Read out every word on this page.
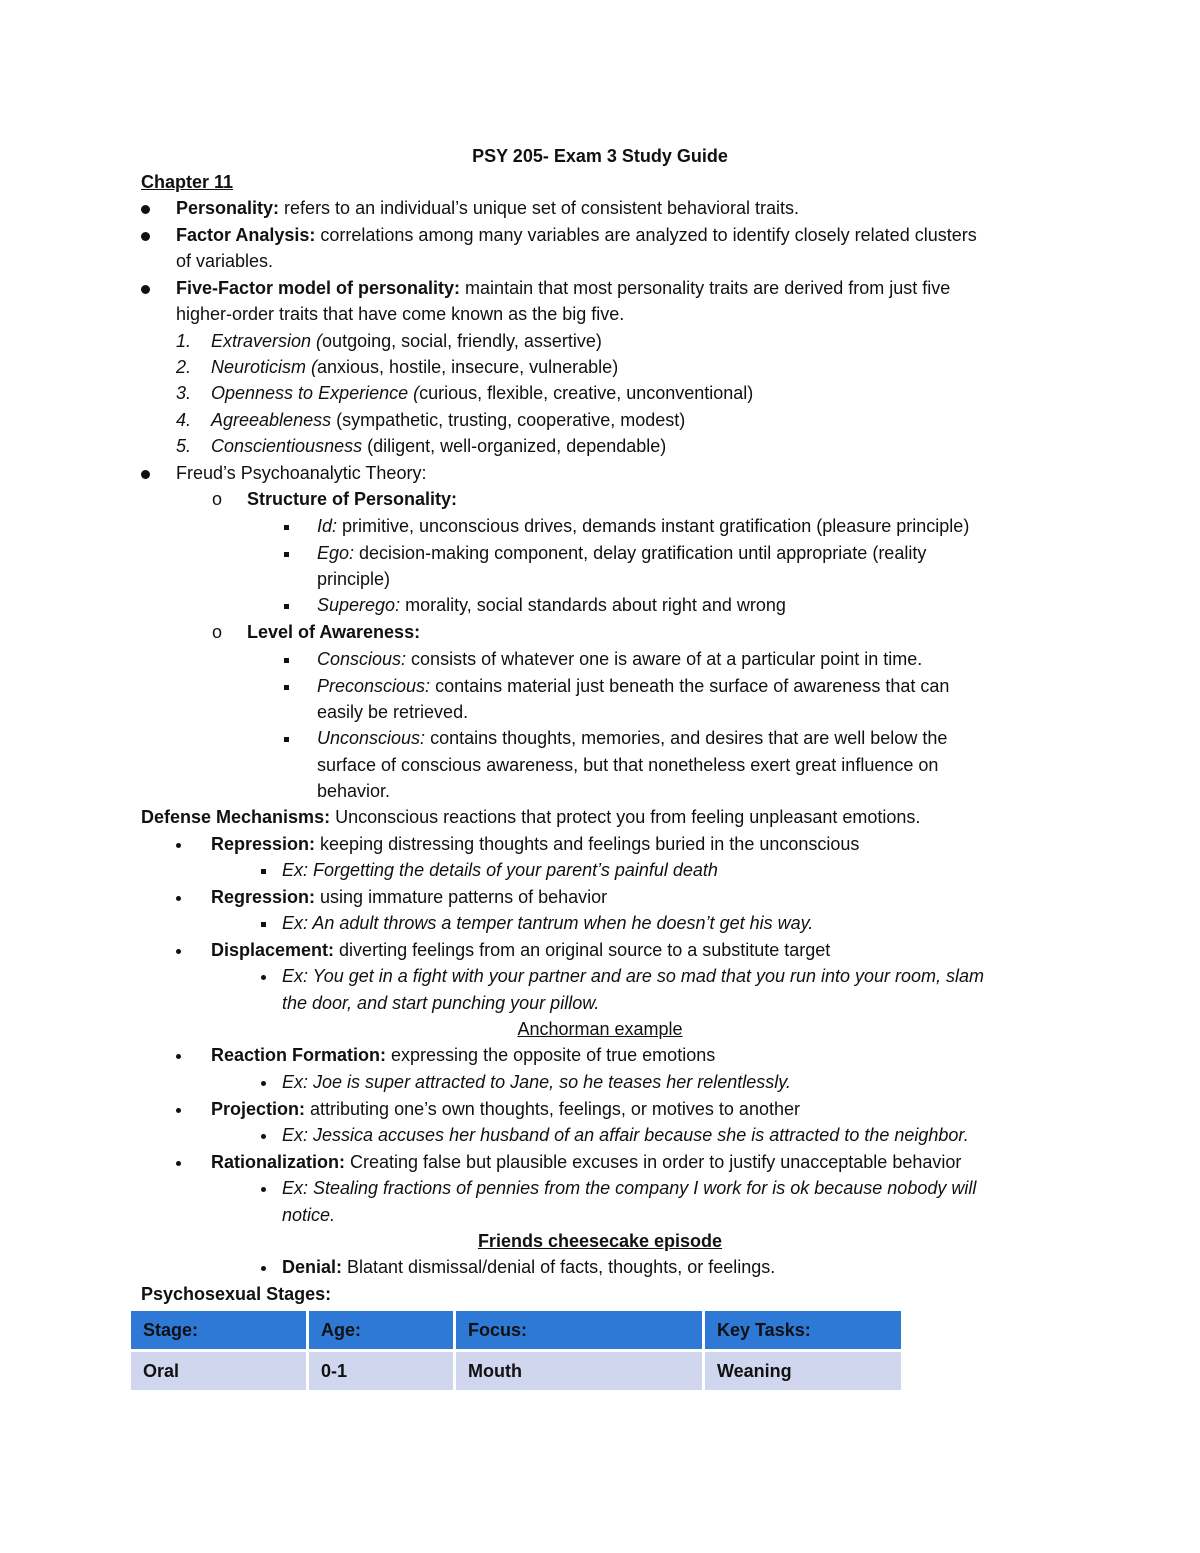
PSY 205- Exam 3 Study Guide
Chapter 11
Personality: refers to an individual’s unique set of consistent behavioral traits.
Factor Analysis: correlations among many variables are analyzed to identify closely related clusters
of variables.
Five-Factor model of personality: maintain that most personality traits are derived from just five
higher-order traits that have come known as the big five.
1. Extraversion (outgoing, social, friendly, assertive)
2. Neuroticism (anxious, hostile, insecure, vulnerable)
3. Openness to Experience (curious, flexible, creative, unconventional)
4. Agreeableness (sympathetic, trusting, cooperative, modest)
5. Conscientiousness (diligent, well-organized, dependable)
Freud’s Psychoanalytic Theory:
o Structure of Personality:
Id: primitive, unconscious drives, demands instant gratification (pleasure principle)
Ego: decision-making component, delay gratification until appropriate (reality
principle)
Superego: morality, social standards about right and wrong
o Level of Awareness:
Conscious: consists of whatever one is aware of at a particular point in time.
Preconscious: contains material just beneath the surface of awareness that can
easily be retrieved.
Unconscious: contains thoughts, memories, and desires that are well below the
surface of conscious awareness, but that nonetheless exert great influence on
behavior.
Defense Mechanisms: Unconscious reactions that protect you from feeling unpleasant emotions.
Repression: keeping distressing thoughts and feelings buried in the unconscious
Ex: Forgetting the details of your parent’s painful death
Regression: using immature patterns of behavior
Ex: An adult throws a temper tantrum when he doesn’t get his way.
Displacement: diverting feelings from an original source to a substitute target
Ex: You get in a fight with your partner and are so mad that you run into your room, slam
the door, and start punching your pillow.
Anchorman example
Reaction Formation: expressing the opposite of true emotions
Ex: Joe is super attracted to Jane, so he teases her relentlessly.
Projection: attributing one’s own thoughts, feelings, or motives to another
Ex: Jessica accuses her husband of an affair because she is attracted to the neighbor.
Rationalization: Creating false but plausible excuses in order to justify unacceptable behavior
Ex: Stealing fractions of pennies from the company I work for is ok because nobody will
notice.
Friends cheesecake episode
Denial: Blatant dismissal/denial of facts, thoughts, or feelings.
Psychosexual Stages:
Stage:	Age:	Focus:	Key Tasks:
Oral	0-1	Mouth	Weaning
